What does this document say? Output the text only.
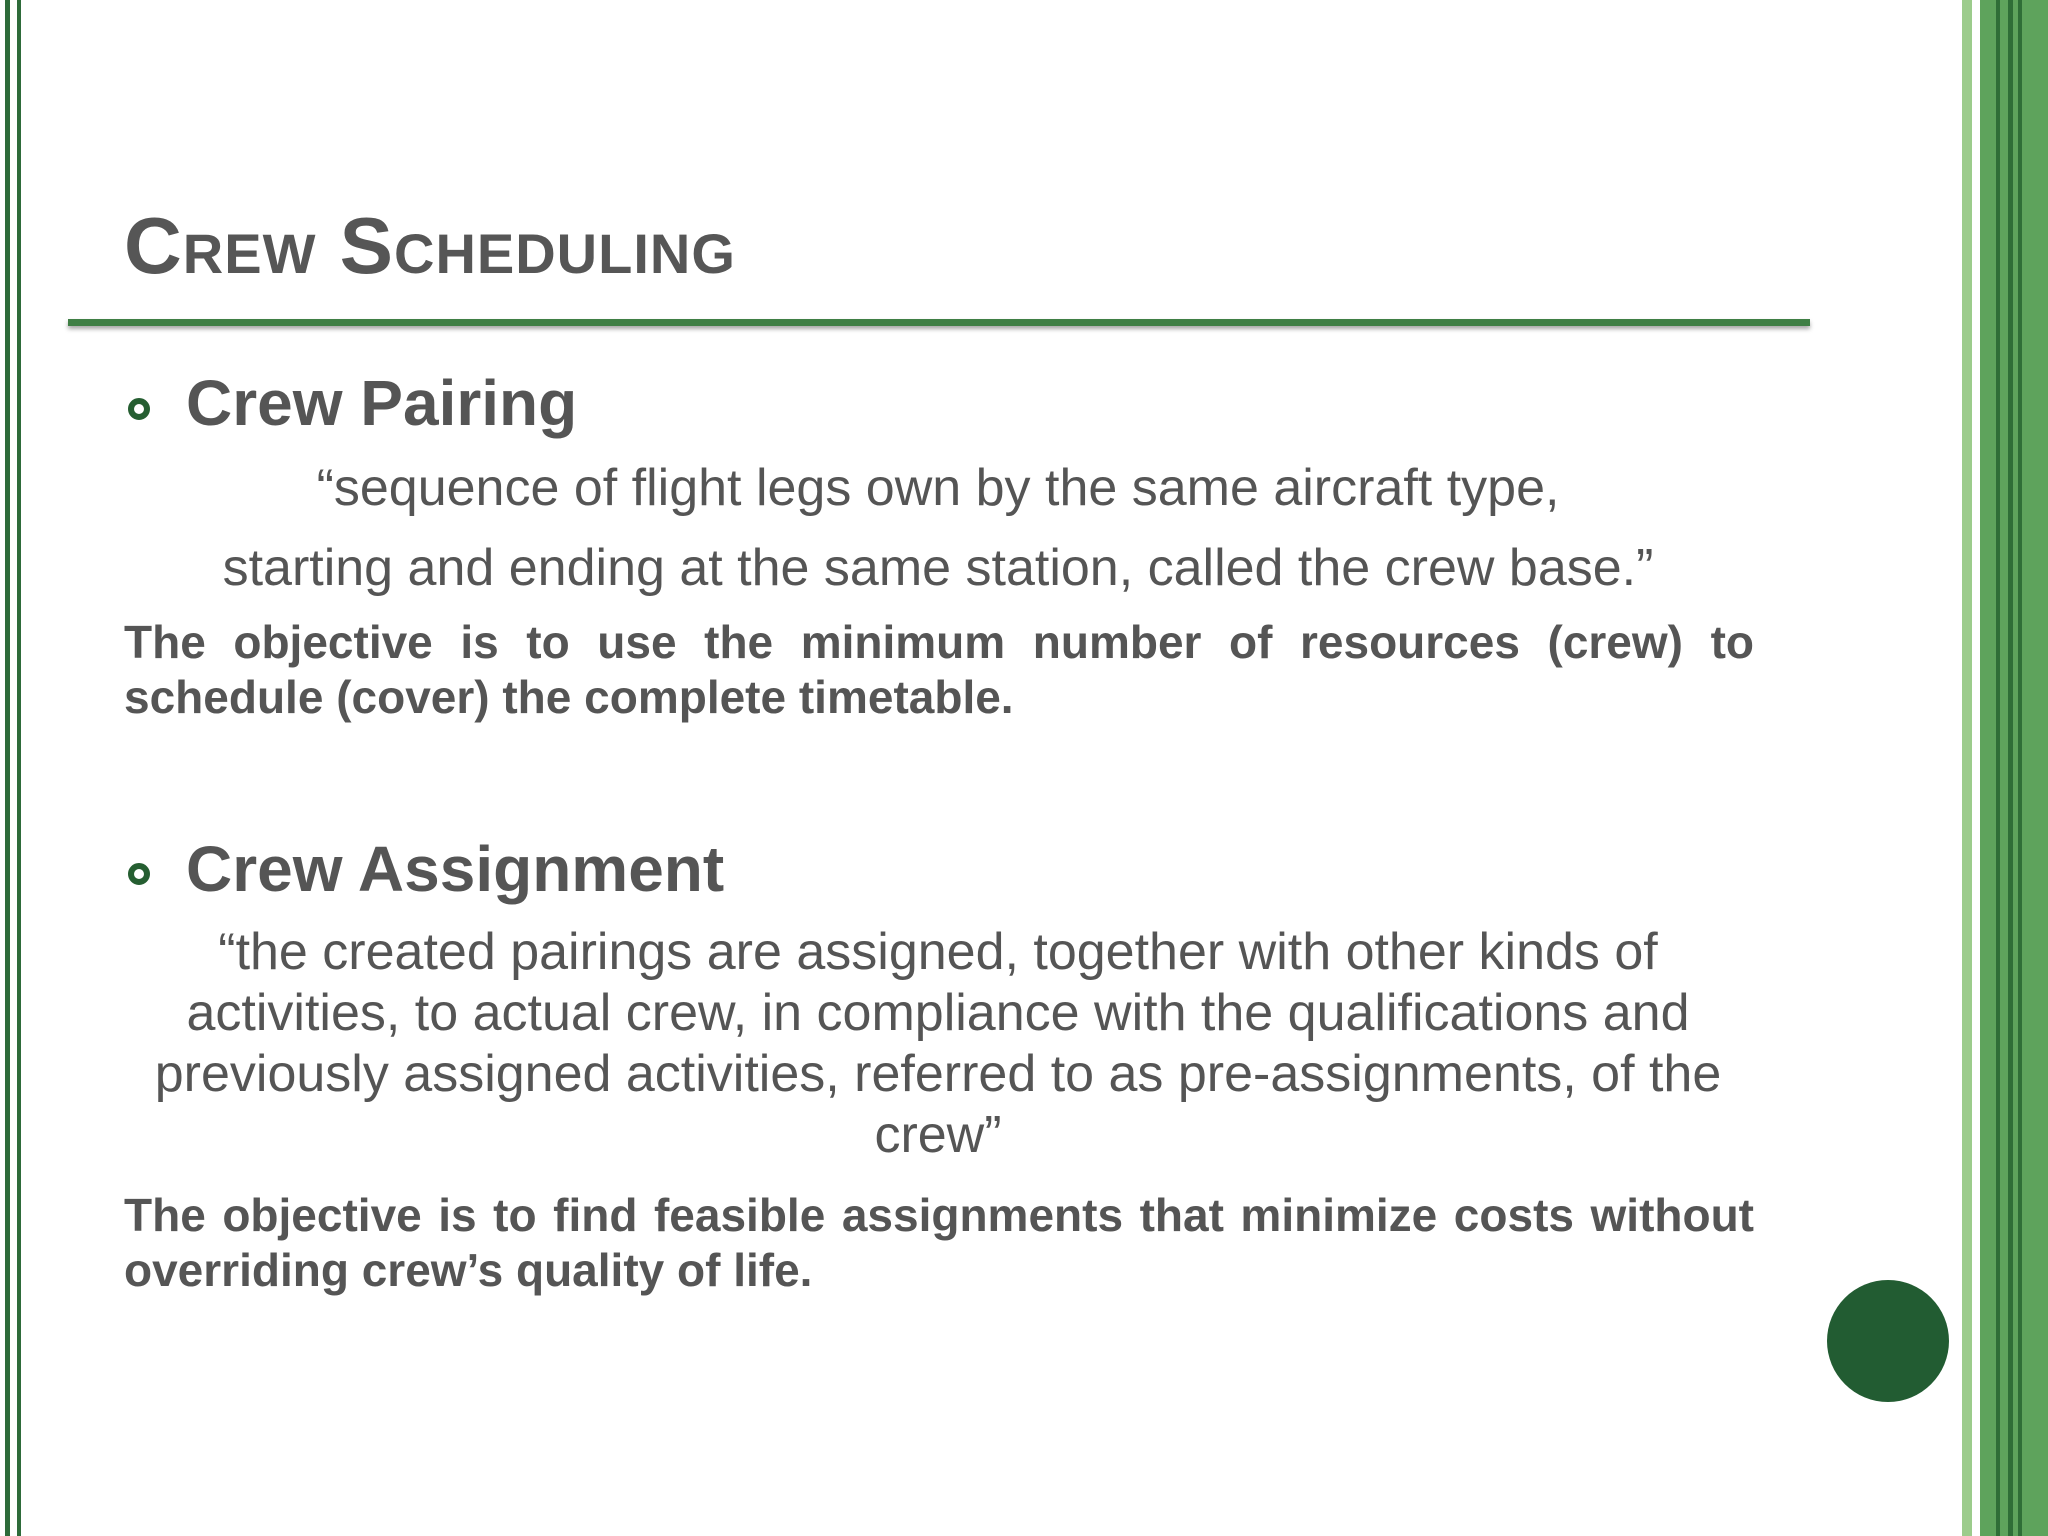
Crew Scheduling
Crew Pairing

“sequence of flight legs own by the same aircraft type,

starting and ending at the same station, called the crew base.”

The objective is to use the minimum number of resources (crew) to schedule (cover) the complete timetable.

Crew Assignment

“the created pairings are assigned, together with other kinds of activities, to actual crew, in compliance with the qualifications and previously assigned activities, referred to as pre-assignments, of the crew”

The objective is to find feasible assignments that minimize costs without overriding crew’s quality of life.
